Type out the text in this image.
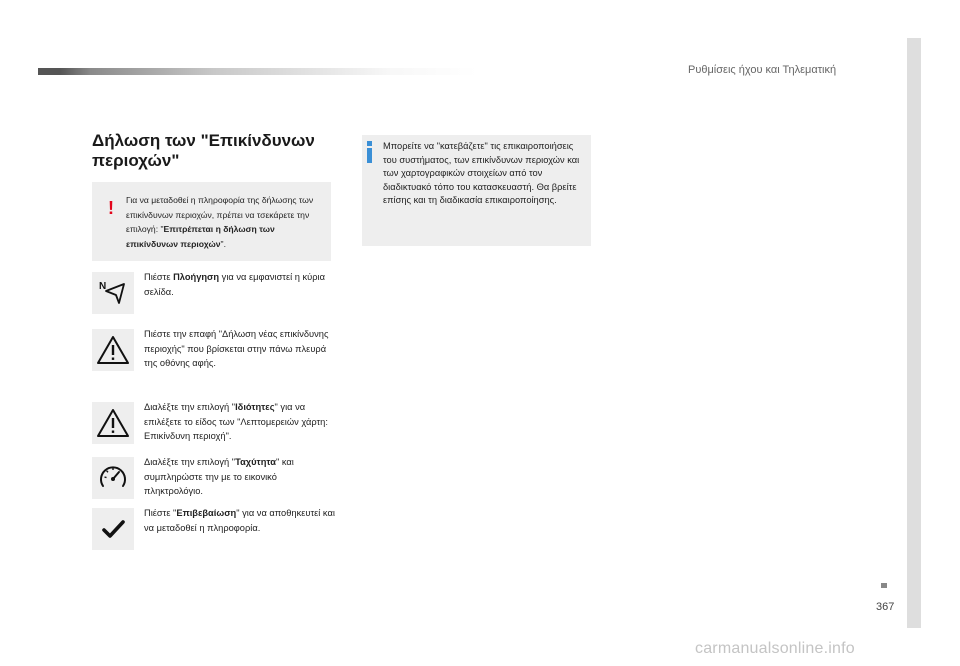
Ρυθμίσεις ήχου και Τηλεματική
367
Δήλωση των "Επικίνδυνων περιοχών"
! Για να μεταδοθεί η πληροφορία της δήλωσης των επικίνδυνων περιοχών, πρέπει να τσεκάρετε την επιλογή: "Επιτρέπεται η δήλωση των επικίνδυνων περιοχών".
N
Πιέστε Πλοήγηση για να εμφανιστεί η κύρια σελίδα.
Πιέστε την επαφή "Δήλωση νέας επικίνδυνης περιοχής" που βρίσκεται στην πάνω πλευρά της οθόνης αφής.
Διαλέξτε την επιλογή "Ιδιότητες" για να επιλέξετε το είδος των "Λεπτομερειών χάρτη: Επικίνδυνη περιοχή".
Διαλέξτε την επιλογή "Ταχύτητα" και συμπληρώστε την με το εικονικό πληκτρολόγιο.
Πιέστε "Επιβεβαίωση" για να αποθηκευτεί και να μεταδοθεί η πληροφορία.
Μπορείτε να "κατεβάζετε" τις επικαιροποιήσεις του συστήματος, των επικίνδυνων περιοχών και των χαρτογραφικών στοιχείων από τον διαδικτυακό τόπο του κατασκευαστή. Θα βρείτε επίσης και τη διαδικασία επικαιροποίησης.
carmanualsonline.info
